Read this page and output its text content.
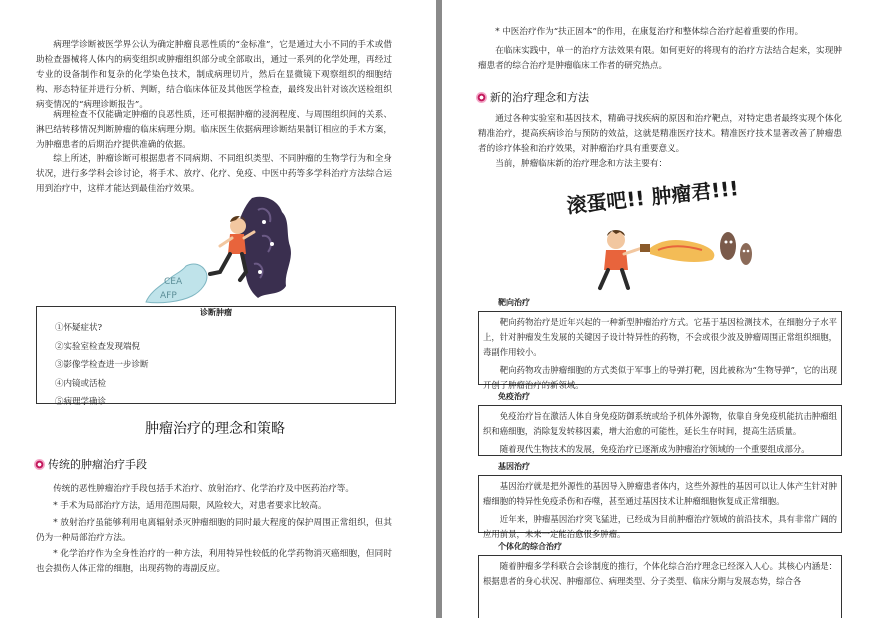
病理学诊断被医学界公认为确定肿瘤良恶性质的“金标准”，它是通过大小不同的手术或借助检查器械将人体内的病变组织或肿瘤组织部分或全部取出，通过一系列的化学处理，再经过专业的设备制作和复杂的化学染色技术，制成病理切片，然后在显微镜下观察组织的细胞结构、形态特征并进行分析、判断，结合临床体征及其他医学检查，最终发出针对该次送检组织病变情况的“病理诊断报告”。

病理检查不仅能确定肿瘤的良恶性质，还可根据肿瘤的浸润程度、与周围组织间的关系、淋巴结转移情况判断肿瘤的临床病理分期。临床医生依据病理诊断结果制订相应的手术方案，为肿瘤患者的后期治疗提供准确的依据。

综上所述，肿瘤诊断可根据患者不同病期、不同组织类型、不同肿瘤的生物学行为和全身状况，进行多学科会诊讨论，将手术、放疗、化疗、免疫、中医中药等多学科治疗方法综合运用到治疗中，这样才能达到最佳治疗效果。

CEA
AFP
诊断肿瘤
①怀疑症状?
②实验室检查发现端倪
③影像学检查进一步诊断
④内镜或活检
⑤病理学确诊
肿瘤治疗的理念和策略
传统的肿瘤治疗手段

传统的恶性肿瘤治疗手段包括手术治疗、放射治疗、化学治疗及中医药治疗等。

* 手术为局部治疗方法，适用范围局限，风险较大，对患者要求比较高。

* 放射治疗虽能够利用电离辐射杀灭肿瘤细胞的同时最大程度的保护周围正常组织，但其仍为一种局部治疗方法。

* 化学治疗作为全身性治疗的一种方法，利用特异性较低的化学药物消灭癌细胞，但同时也会损伤人体正常的细胞，出现药物的毒副反应。

* 中医治疗作为“扶正固本”的作用，在康复治疗和整体综合治疗起着重要的作用。

在临床实践中，单一的治疗方法效果有限。如何更好的将现有的治疗方法结合起来，实现肿瘤患者的综合治疗是肿瘤临床工作者的研究热点。

新的治疗理念和方法

通过各种实验室和基因技术，精确寻找疾病的原因和治疗靶点，对特定患者最终实现个体化精准治疗，提高疾病诊治与预防的效益，这就是精准医疗技术。精准医疗技术显著改善了肿瘤患者的诊疗体验和治疗效果，对肿瘤治疗具有重要意义。

当前，肿瘤临床新的治疗理念和方法主要有：

滚蛋吧!! 肿瘤君!!!
靶向治疗

靶向药物治疗是近年兴起的一种新型肿瘤治疗方式。它基于基因检测技术，在细胞分子水平上，针对肿瘤发生发展的关键因子设计特异性的药物，不会或很少波及肿瘤周围正常组织细胞，毒副作用较小。

靶向药物攻击肿瘤细胞的方式类似于军事上的导弹打靶，因此被称为“生物导弹”，它的出现开创了肿瘤治疗的新领域。

免疫治疗

免疫治疗旨在激活人体自身免疫防御系统或给予机体外源物，依靠自身免疫机能抗击肿瘤组织和癌细胞，消除复发转移因素，增大治愈的可能性，延长生存时间，提高生活质量。

随着现代生物技术的发展，免疫治疗已逐渐成为肿瘤治疗领域的一个重要组成部分。

基因治疗

基因治疗就是把外源性的基因导入肿瘤患者体内，这些外源性的基因可以让人体产生针对肿瘤细胞的特异性免疫杀伤和吞噬，甚至通过基因技术让肿瘤细胞恢复成正常细胞。

近年来，肿瘤基因治疗突飞猛进，已经成为目前肿瘤治疗领域的前沿技术，具有非常广阔的应用前景，未来一定能治愈很多肿瘤。

个体化的综合治疗

随着肿瘤多学科联合会诊制度的推行，个体化综合治疗理念已经深入人心。其核心内涵是：根据患者的身心状况、肿瘤部位、病理类型、分子类型、临床分期与发展态势，综合各
